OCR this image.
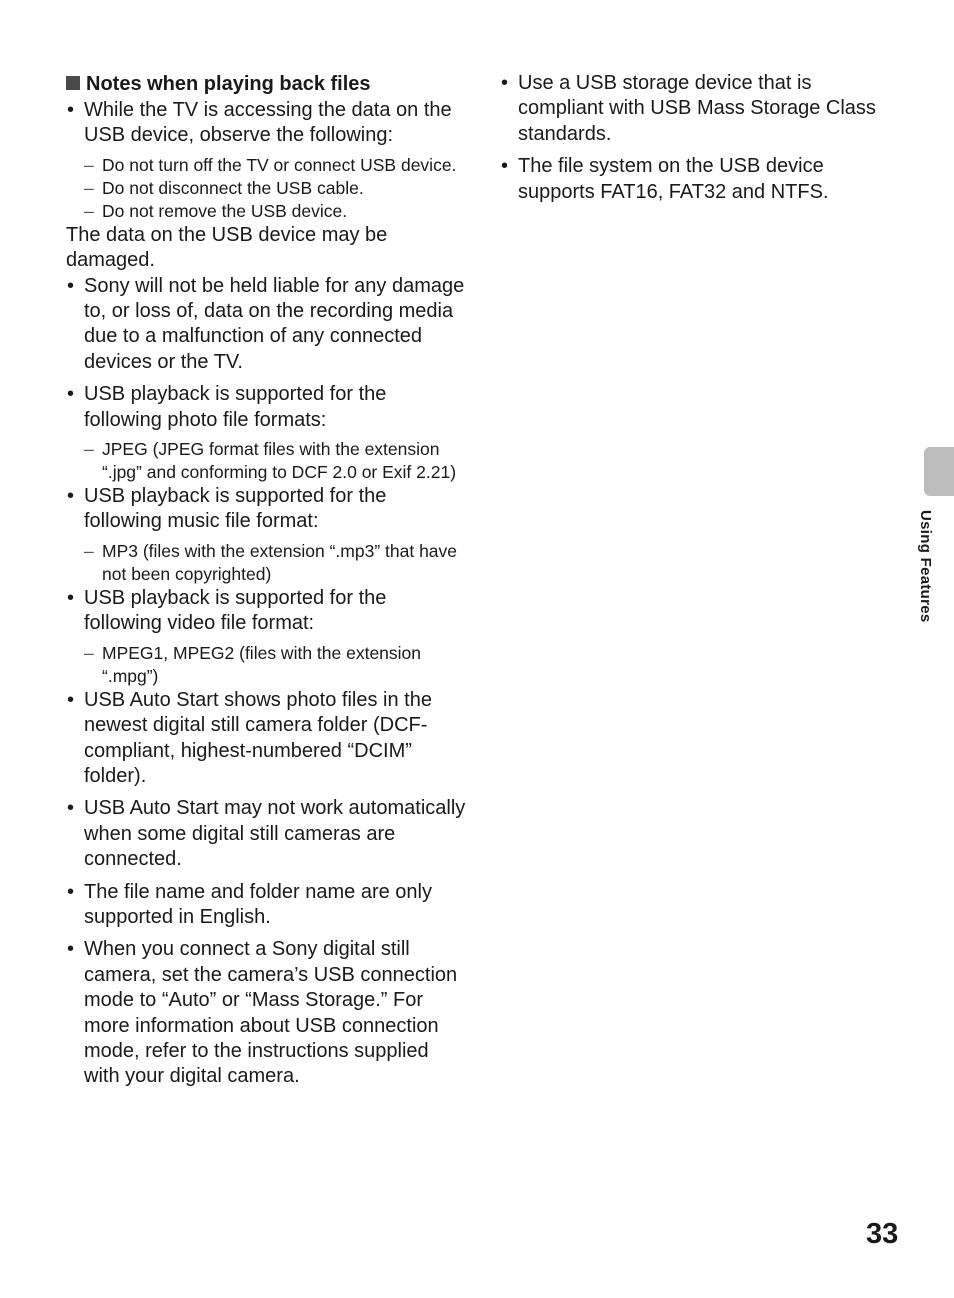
Notes when playing back files
• While the TV is accessing the data on the USB device, observe the following:
– Do not turn off the TV or connect USB device.
– Do not disconnect the USB cable.
– Do not remove the USB device.
The data on the USB device may be damaged.
• Sony will not be held liable for any damage to, or loss of, data on the recording media due to a malfunction of any connected devices or the TV.
• USB playback is supported for the following photo file formats:
– JPEG (JPEG format files with the extension “.jpg” and conforming to DCF 2.0 or Exif 2.21)
• USB playback is supported for the following music file format:
– MP3 (files with the extension “.mp3” that have not been copyrighted)
• USB playback is supported for the following video file format:
– MPEG1, MPEG2 (files with the extension “.mpg”)
• USB Auto Start shows photo files in the newest digital still camera folder (DCF-compliant, highest-numbered “DCIM” folder).
• USB Auto Start may not work automatically when some digital still cameras are connected.
• The file name and folder name are only supported in English.
• When you connect a Sony digital still camera, set the camera’s USB connection mode to “Auto” or “Mass Storage.” For more information about USB connection mode, refer to the instructions supplied with your digital camera.
• Use a USB storage device that is compliant with USB Mass Storage Class standards.
• The file system on the USB device supports FAT16, FAT32 and NTFS.
Using Features
33
